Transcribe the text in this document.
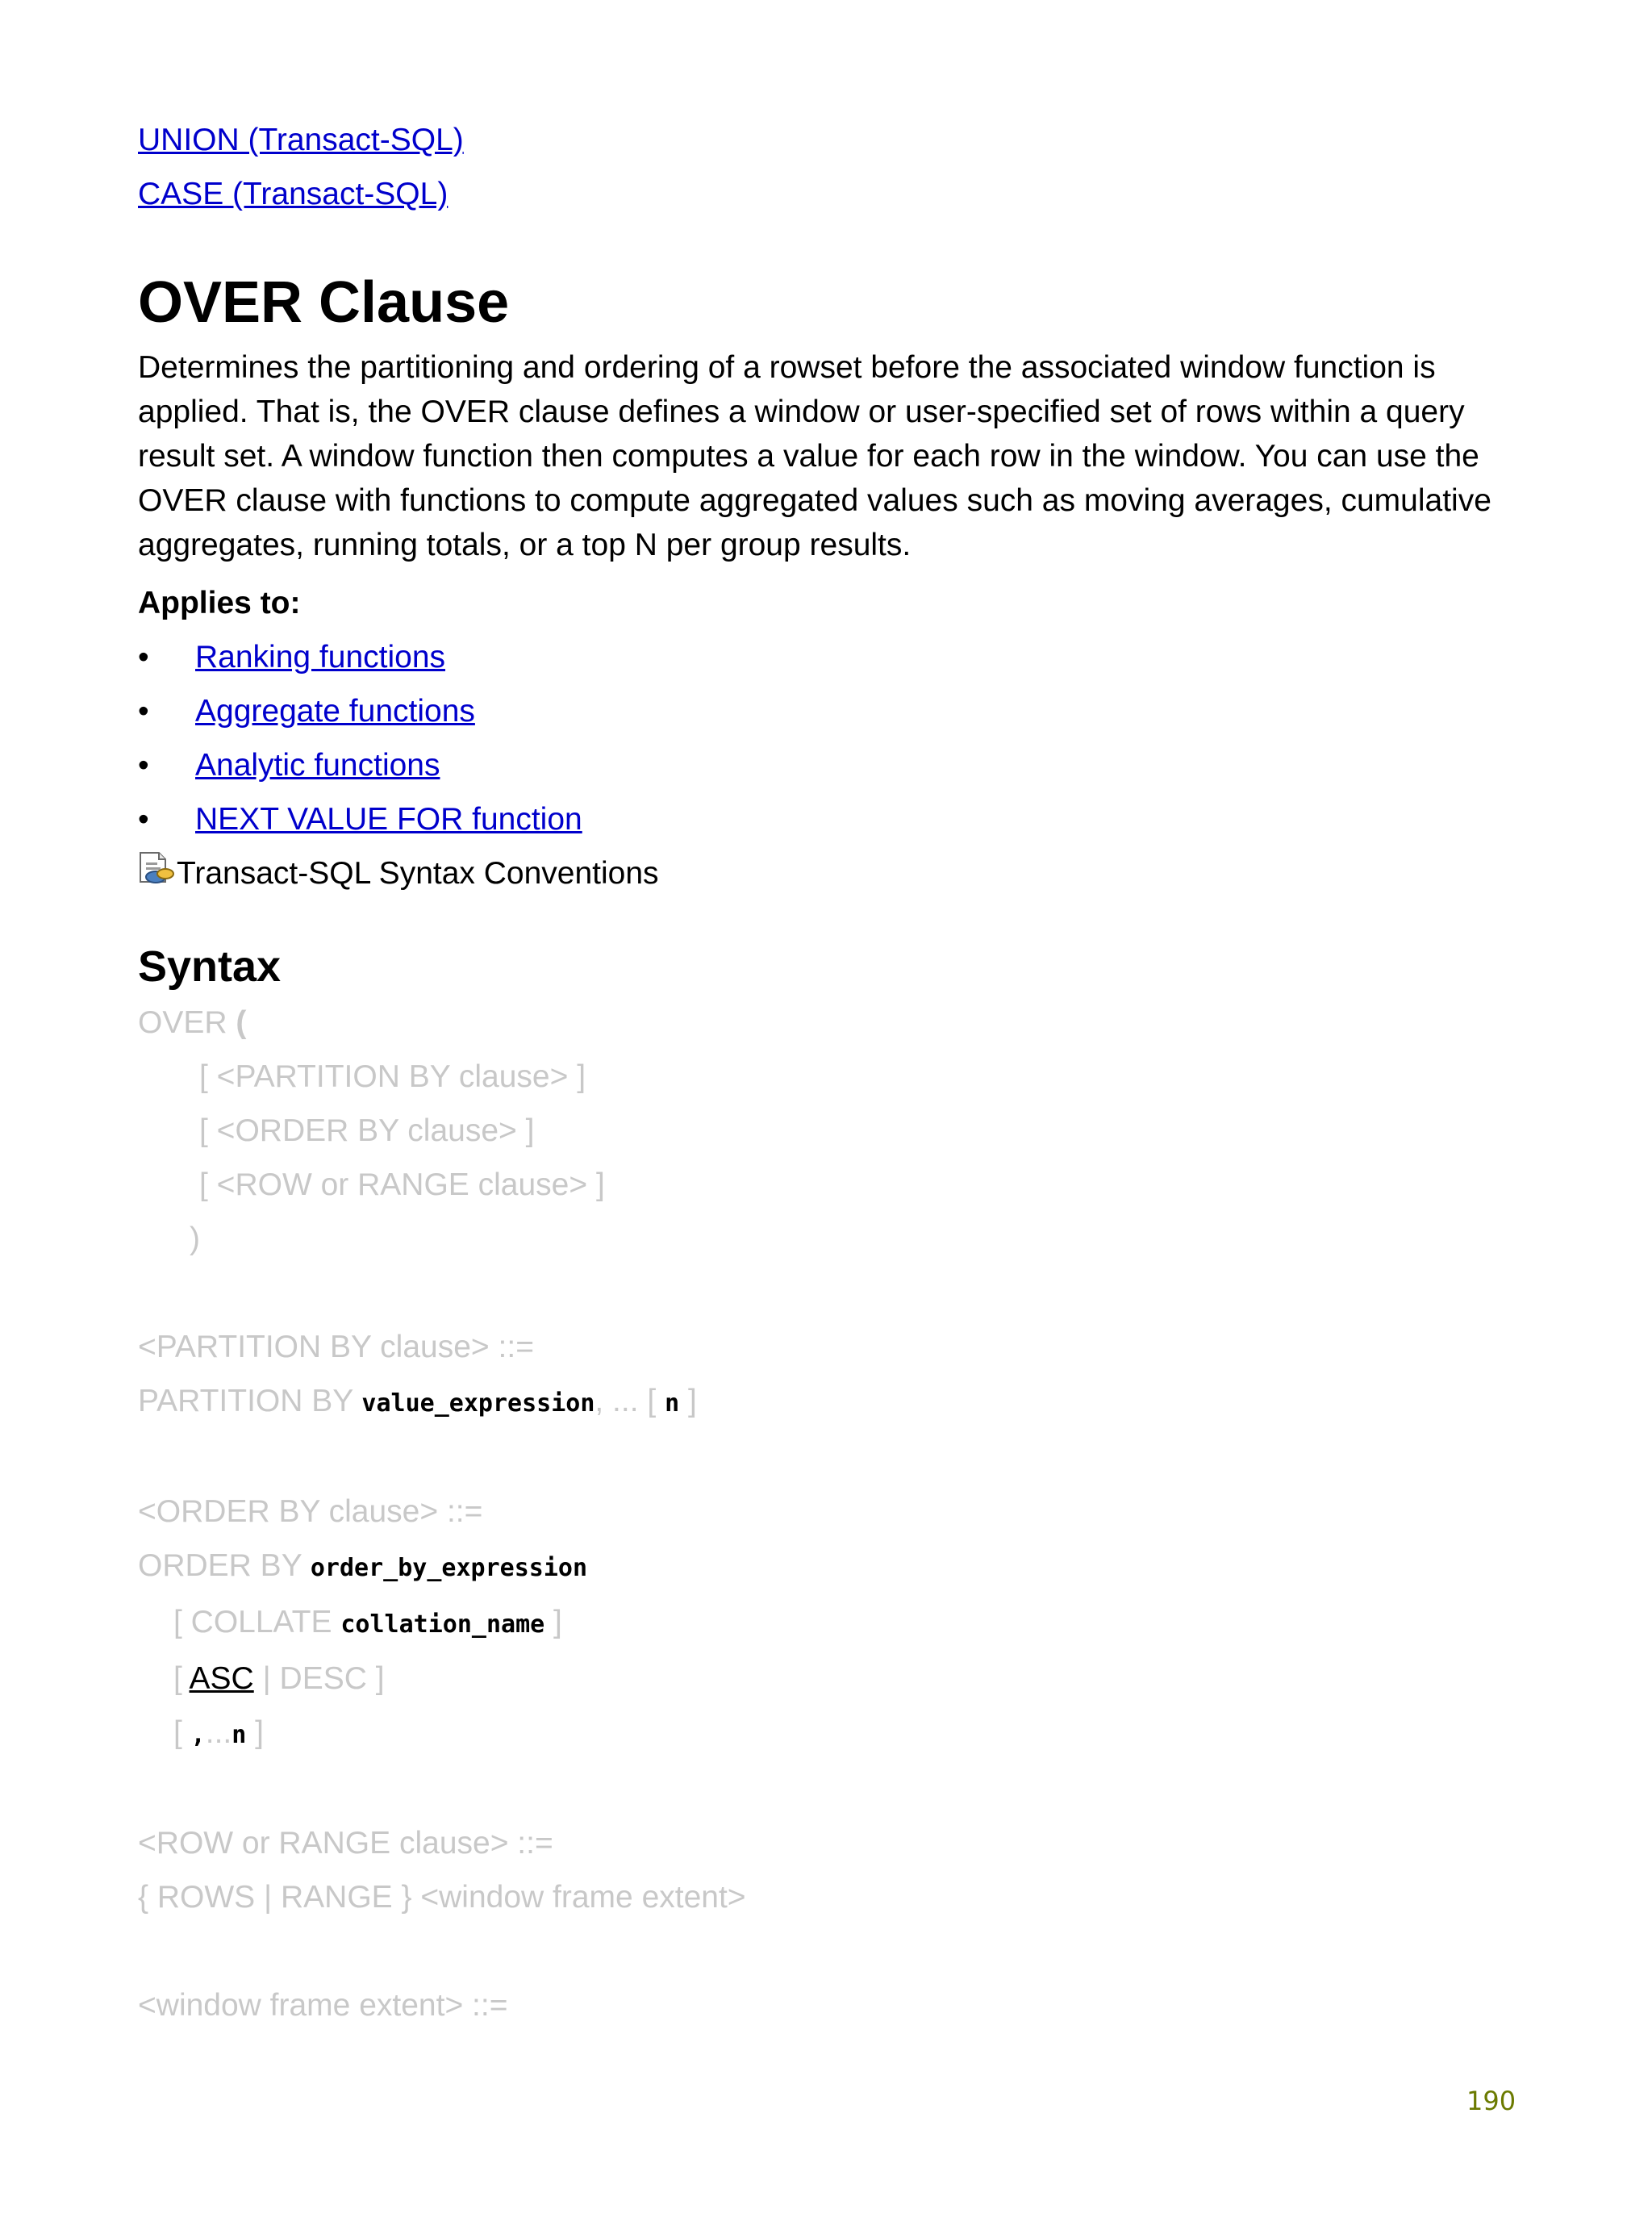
UNION (Transact-SQL)
CASE (Transact-SQL)
OVER Clause

Determines the partitioning and ordering of a rowset before the associated window function is applied. That is, the OVER clause defines a window or user-specified set of rows within a query result set. A window function then computes a value for each row in the window. You can use the OVER clause with functions to compute aggregated values such as moving averages, cumulative aggregates, running totals, or a top N per group results.

Applies to:
• Ranking functions
• Aggregate functions
• Analytic functions
• NEXT VALUE FOR function
Transact-SQL Syntax Conventions
Syntax
OVER (
[ <PARTITION BY clause> ]
[ <ORDER BY clause> ]
[ <ROW or RANGE clause> ]
)
<PARTITION BY clause> ::=
PARTITION BY value_expression, ... [ n ]
<ORDER BY clause> ::=
ORDER BY order_by_expression
[ COLLATE collation_name ]
[ ASC | DESC ]
[ ,...n ]
<ROW or RANGE clause> ::=
{ ROWS | RANGE } <window frame extent>
<window frame extent> ::=
190
